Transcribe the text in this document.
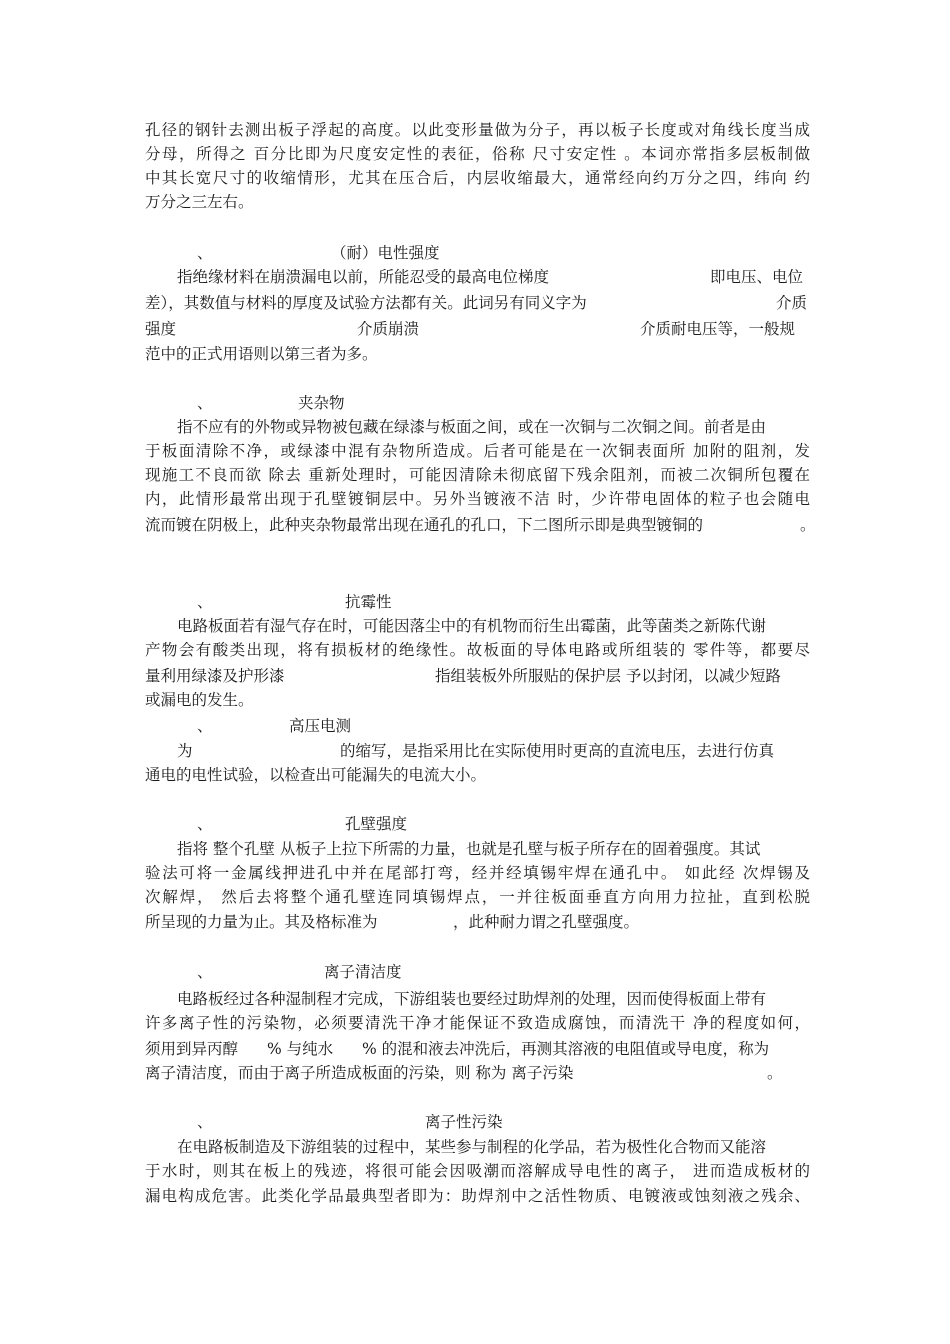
孔径的钢针去测出板子浮起的高度。以此变形量做为分子，再以板子长度或对角线长度当成
分母，所得之 百分比即为尺度安定性的表征，俗称 尺寸安定性 。本词亦常指多层板制做
中其长宽尺寸的收缩情形，尤其在压合后，内层收缩最大，通常经向约万分之四，纬向 约
万分之三左右。
、	（耐）电性强度
指绝缘材料在崩溃漏电以前，所能忍受的最高电位梯度	即电压、电位
差），其数值与材料的厚度及试验方法都有关。此词另有同义字为	介质
强度	介质崩溃	介质耐电压等，一般规
范中的正式用语则以第三者为多。
、	夹杂物
指不应有的外物或异物被包藏在绿漆与板面之间，或在一次铜与二次铜之间。前者是由
于板面清除不净，或绿漆中混有杂物所造成。后者可能是在一次铜表面所 加附的阻剂，发
现施工不良而欲 除去 重新处理时，可能因清除未彻底留下残余阻剂，而被二次铜所包覆在
内，此情形最常出现于孔壁镀铜层中。另外当镀液不洁 时，少许带电固体的粒子也会随电
流而镀在阴极上，此种夹杂物最常出现在通孔的孔口，下二图所示即是典型镀铜的	。
、	抗霉性
电路板面若有湿气存在时，可能因落尘中的有机物而衍生出霉菌，此等菌类之新陈代谢
产物会有酸类出现，将有损板材的绝缘性。故板面的导体电路或所组装的 零件等，都要尽
量利用绿漆及护形漆	指组装板外所服贴的保护层 予以封闭，以减少短路
或漏电的发生。
、	高压电测
为	的缩写，是指采用比在实际使用时更高的直流电压，去进行仿真
通电的电性试验，以检查出可能漏失的电流大小。
、	孔壁强度
指将 整个孔壁 从板子上拉下所需的力量，也就是孔壁与板子所存在的固着强度。其试
验法可将一金属线押进孔中并在尾部打弯，经并经填锡牢焊在通孔中。 如此经 次焊锡及
次解焊， 然后去将整个通孔壁连同填锡焊点，一并往板面垂直方向用力拉扯，直到松脱
所呈现的力量为止。其及格标准为	，此种耐力谓之孔壁强度。
、	离子清洁度
电路板经过各种湿制程才完成，下游组装也要经过助焊剂的处理，因而使得板面上带有
许多离子性的污染物，必须要清洗干净才能保证不致造成腐蚀，而清洗干 净的程度如何，
须用到异丙醇 % 与纯水 % 的混和液去冲洗后，再测其溶液的电阻值或导电度，称为
离子清洁度，而由于离子所造成板面的污染，则 称为 离子污染	。
、	离子性污染
在电路板制造及下游组装的过程中，某些参与制程的化学品，若为极性化合物而又能溶
于水时，则其在板上的残迹，将很可能会因吸潮而溶解成导电性的离子， 进而造成板材的
漏电构成危害。此类化学品最典型者即为：助焊剂中之活性物质、电镀液或蚀刻液之残余、
